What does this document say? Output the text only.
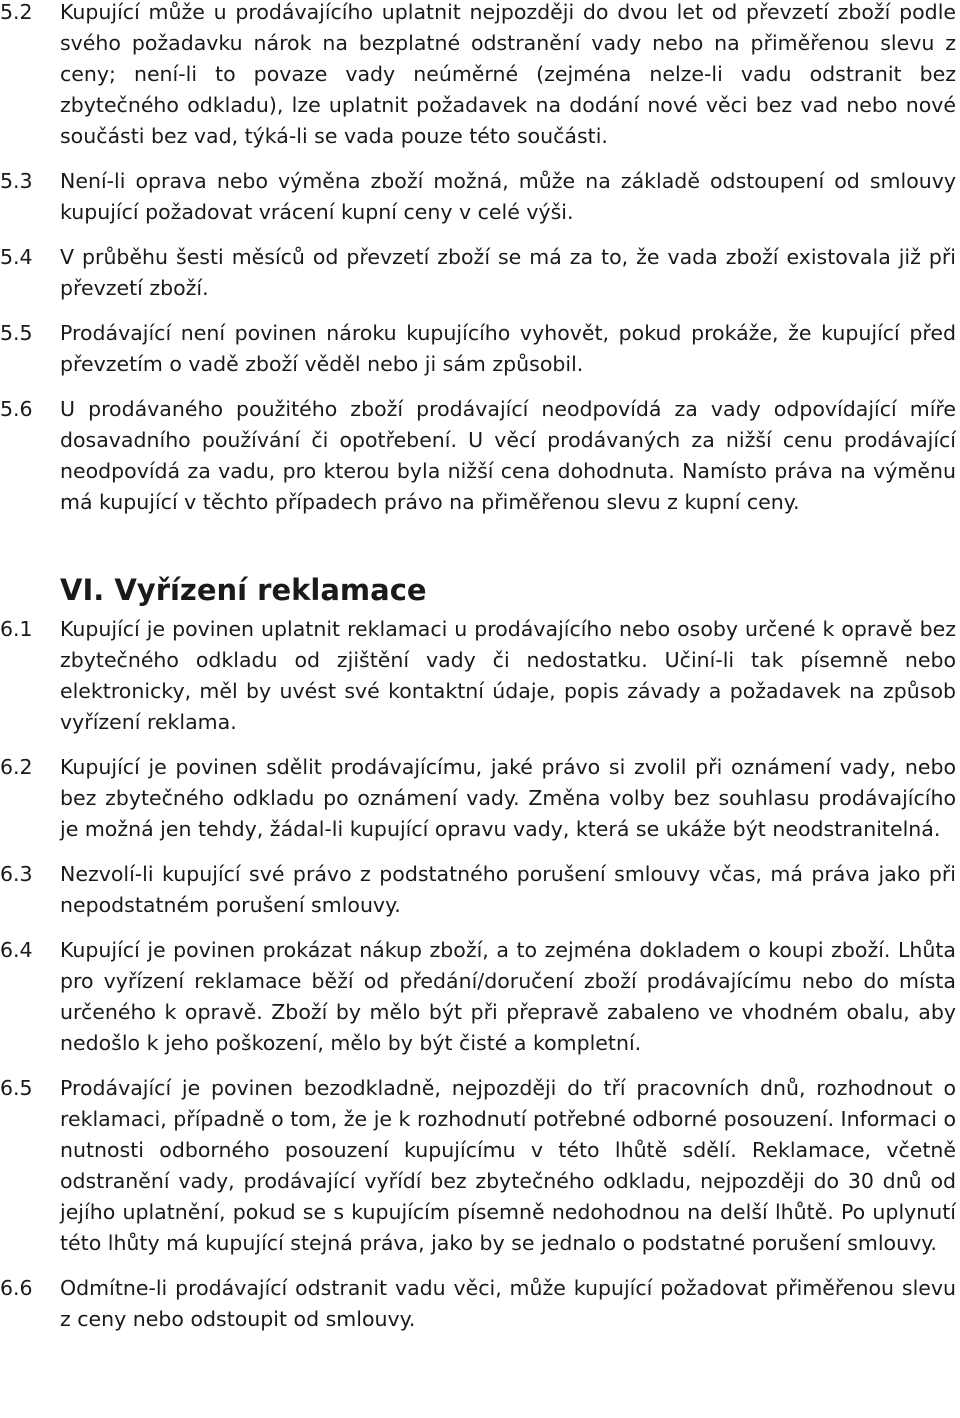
5.2 Kupující může u prodávajícího uplatnit nejpozději do dvou let od převzetí zboží podle svého požadavku nárok na bezplatné odstranění vady nebo na přiměřenou slevu z ceny; není-li to povaze vady neúměrné (zejména nelze-li vadu odstranit bez zbytečného odkladu), lze uplatnit požadavek na dodání nové věci bez vad nebo nové součásti bez vad, týká-li se vada pouze této součásti.
5.3 Není-li oprava nebo výměna zboží možná, může na základě odstoupení od smlouvy kupující požadovat vrácení kupní ceny v celé výši.
5.4 V průběhu šesti měsíců od převzetí zboží se má za to, že vada zboží existovala již při převzetí zboží.
5.5 Prodávající není povinen nároku kupujícího vyhovět, pokud prokáže, že kupující před převzetím o vadě zboží věděl nebo ji sám způsobil.
5.6 U prodávaného použitého zboží prodávající neodpovídá za vady odpovídající míře dosavadního používání či opotřebení. U věcí prodávaných za nižší cenu prodávající neodpovídá za vadu, pro kterou byla nižší cena dohodnuta. Namísto práva na výměnu má kupující v těchto případech právo na přiměřenou slevu z kupní ceny.
VI. Vyřízení reklamace
6.1 Kupující je povinen uplatnit reklamaci u prodávajícího nebo osoby určené k opravě bez zbytečného odkladu od zjištění vady či nedostatku. Učiní-li tak písemně nebo elektronicky, měl by uvést své kontaktní údaje, popis závady a požadavek na způsob vyřízení reklama.
6.2 Kupující je povinen sdělit prodávajícímu, jaké právo si zvolil při oznámení vady, nebo bez zbytečného odkladu po oznámení vady. Změna volby bez souhlasu prodávajícího je možná jen tehdy, žádal-li kupující opravu vady, která se ukáže být neodstranitelná.
6.3 Nezvolí-li kupující své právo z podstatného porušení smlouvy včas, má práva jako při nepodstatném porušení smlouvy.
6.4 Kupující je povinen prokázat nákup zboží, a to zejména dokladem o koupi zboží. Lhůta pro vyřízení reklamace běží od předání/doručení zboží prodávajícímu nebo do místa určeného k opravě. Zboží by mělo být při přepravě zabaleno ve vhodném obalu, aby nedošlo k jeho poškození, mělo by být čisté a kompletní.
6.5 Prodávající je povinen bezodkladně, nejpozději do tří pracovních dnů, rozhodnout o reklamaci, případně o tom, že je k rozhodnutí potřebné odborné posouzení. Informaci o nutnosti odborného posouzení kupujícímu v této lhůtě sdělí. Reklamace, včetně odstranění vady, prodávající vyřídí bez zbytečného odkladu, nejpozději do 30 dnů od jejího uplatnění, pokud se s kupujícím písemně nedohodnou na delší lhůtě. Po uplynutí této lhůty má kupující stejná práva, jako by se jednalo o podstatné porušení smlouvy.
6.6 Odmítne-li prodávající odstranit vadu věci, může kupující požadovat přiměřenou slevu z ceny nebo odstoupit od smlouvy.
